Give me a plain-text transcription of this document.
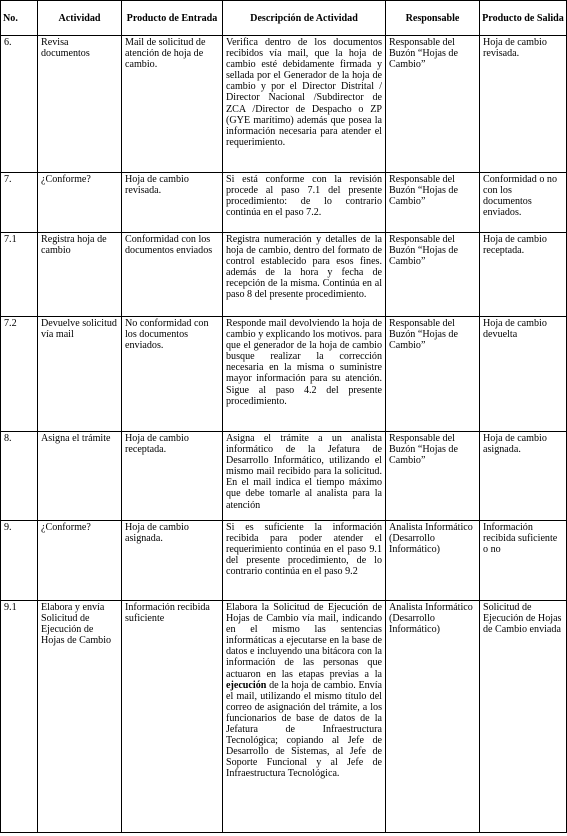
No.	Actividad	Producto de Entrada	Descripción de Actividad	Responsable	Producto de Salida
6.	Revisa documentos	Mail de solicitud de atención de hoja de cambio.	Verifica dentro de los documentos recibidos vía mail, que la hoja de cambio esté debidamente firmada y sellada por el Generador de la hoja de cambio y por el Director Distrital / Director Nacional /Subdirector de ZCA /Director de Despacho o ZP (GYE marítimo) además que posea la información necesaria para atender el requerimiento.	Responsable del Buzón “Hojas de Cambio”	Hoja de cambio revisada.
7.	¿Conforme?	Hoja de cambio revisada.	Si está conforme con la revisión procede al paso 7.1 del presente procedimiento: de lo contrario continúa en el paso 7.2.	Responsable del Buzón “Hojas de Cambio”	Conformidad o no con los documentos enviados.
7.1	Registra hoja de cambio	Conformidad con los documentos enviados	Registra numeración y detalles de la hoja de cambio, dentro del formato de control establecido para esos fines. además de la hora y fecha de recepción de la misma. Continúa en al paso 8 del presente procedimiento.	Responsable del Buzón “Hojas de Cambio”	Hoja de cambio receptada.
7.2	Devuelve solicitud vía mail	No conformidad con los documentos enviados.	Responde mail devolviendo la hoja de cambio y explicando los motivos. para que el generador de la hoja de cambio busque realizar la corrección necesaria en la misma o suministre mayor información para su atención. Sigue al paso 4.2 del presente procedimiento.	Responsable del Buzón “Hojas de Cambio”	Hoja de cambio devuelta
8.	Asigna el trámite	Hoja de cambio receptada.	Asigna el trámite a un analista informático de la Jefatura de Desarrollo Informático, utilizando el mismo mail recibido para la solicitud. En el mail indica el tiempo máximo que debe tomarle al analista para la atención	Responsable del Buzón “Hojas de Cambio”	Hoja de cambio asignada.
9.	¿Conforme?	Hoja de cambio asignada.	Si es suficiente la información recibida para poder atender el requerimiento continúa en el paso 9.1 del presente procedimiento, de lo contrario continúa en el paso 9.2	Analista Informático (Desarrollo Informático)	Información recibida suficiente o no
9.1	Elabora y envía Solicitud de Ejecución de Hojas de Cambio	Información recibida suficiente	Elabora la Solicitud de Ejecución de Hojas de Cambio vía mail, indicando en el mismo las sentencias informáticas a ejecutarse en la base de datos e incluyendo una bitácora con la información de las personas que actuaron en las etapas previas a la ejecución de la hoja de cambio. Envía el mail, utilizando el mismo título del correo de asignación del trámite, a los funcionarios de base de datos de la Jefatura de Infraestructura Tecnológica; copiando al Jefe de Desarrollo de Sistemas, al Jefe de Soporte Funcional y al Jefe de Infraestructura Tecnológica.	Analista Informático (Desarrollo Informático)	Solicitud de Ejecución de Hojas de Cambio enviada
